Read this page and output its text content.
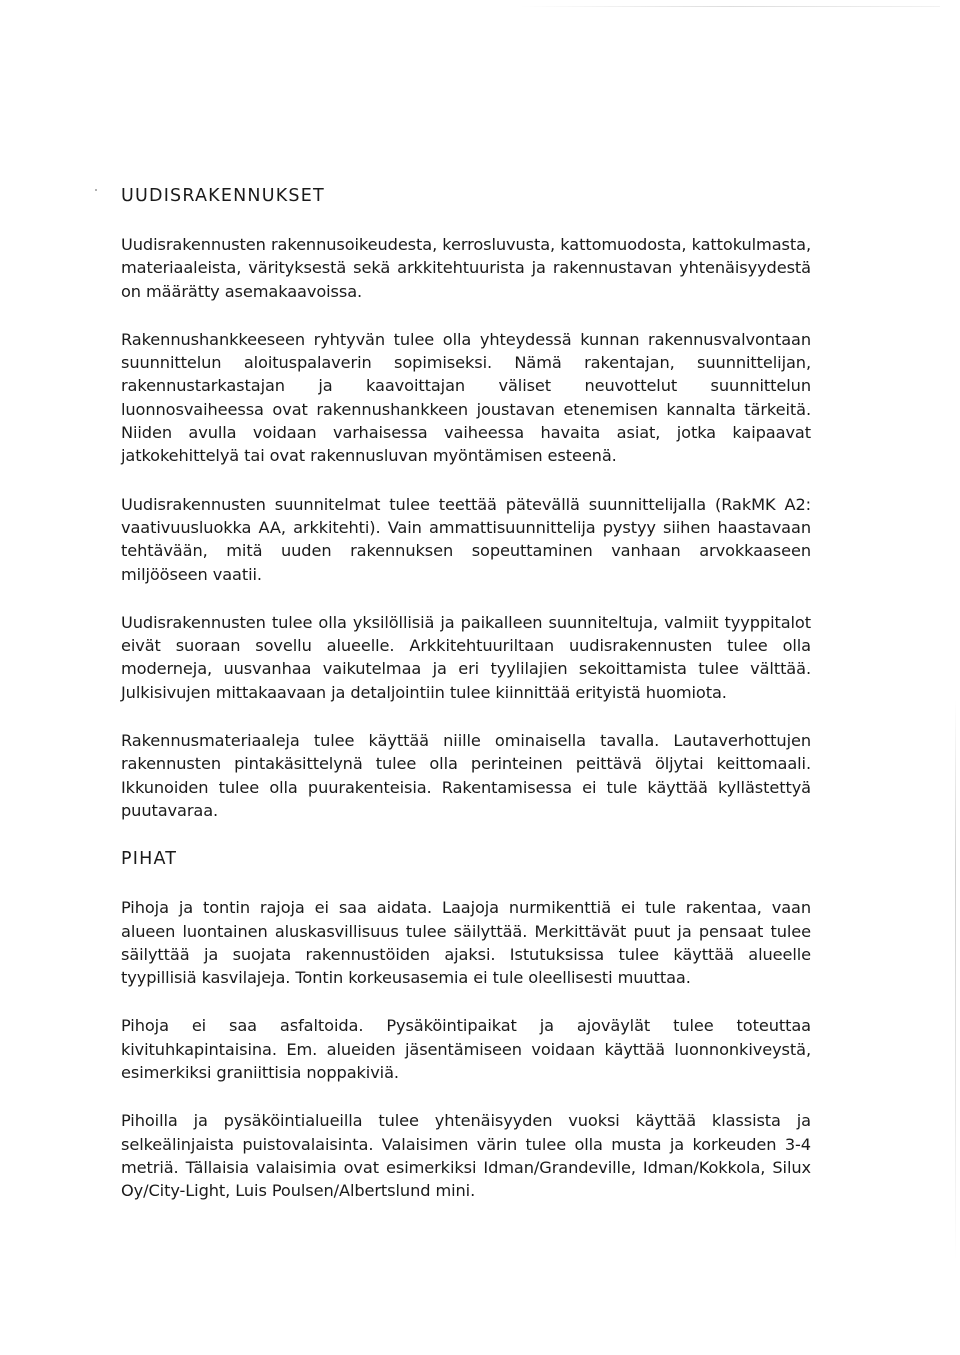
UUDISRAKENNUKSET

Uudisrakennusten rakennusoikeudesta, kerrosluvusta, kattomuodosta, kattokulmasta, materiaaleista, värityksestä sekä arkkitehtuurista ja rakennustavan yhtenäisyydestä on määrätty asemakaavoissa.

Rakennushankkeeseen ryhtyvän tulee olla yhteydessä kunnan rakennusvalvontaan suunnittelun aloituspalaverin sopimiseksi. Nämä rakentajan, suunnittelijan, rakennustarkastajan ja kaavoittajan väliset neuvottelut suunnittelun luonnosvaiheessa ovat rakennushankkeen joustavan etenemisen kannalta tärkeitä. Niiden avulla voidaan varhaisessa vaiheessa havaita asiat, jotka kaipaavat jatkokehittelyä tai ovat rakennusluvan myöntämisen esteenä.

Uudisrakennusten suunnitelmat tulee teettää pätevällä suunnittelijalla (RakMK A2: vaativuusluokka AA, arkkitehti). Vain ammattisuunnittelija pystyy siihen haastavaan tehtävään, mitä uuden rakennuksen sopeuttaminen vanhaan arvokkaaseen miljööseen vaatii.

Uudisrakennusten tulee olla yksilöllisiä ja paikalleen suunniteltuja, valmiit tyyppitalot eivät suoraan sovellu alueelle. Arkkitehtuuriltaan uudisrakennusten tulee olla moderneja, uusvanhaa vaikutelmaa ja eri tyylilajien sekoittamista tulee välttää. Julkisivujen mittakaavaan ja detaljointiin tulee kiinnittää erityistä huomiota.

Rakennusmateriaaleja tulee käyttää niille ominaisella tavalla. Lautaverhottujen rakennusten pintakäsittelynä tulee olla perinteinen peittävä öljytai keittomaali. Ikkunoiden tulee olla puurakenteisia. Rakentamisessa ei tule käyttää kyllästettyä puutavaraa.

PIHAT

Pihoja ja tontin rajoja ei saa aidata. Laajoja nurmikenttiä ei tule rakentaa, vaan alueen luontainen aluskasvillisuus tulee säilyttää. Merkittävät puut ja pensaat tulee säilyttää ja suojata rakennustöiden ajaksi. Istutuksissa tulee käyttää alueelle tyypillisiä kasvilajeja. Tontin korkeusasemia ei tule oleellisesti muuttaa.

Pihoja ei saa asfaltoida. Pysäköintipaikat ja ajoväylät tulee toteuttaa kivituhkapintaisina. Em. alueiden jäsentämiseen voidaan käyttää luonnonkiveystä, esimerkiksi graniittisia noppakiviä.

Pihoilla ja pysäköintialueilla tulee yhtenäisyyden vuoksi käyttää klassista ja selkeälinjaista puistovalaisinta. Valaisimen värin tulee olla musta ja korkeuden 3-4 metriä. Tällaisia valaisimia ovat esimerkiksi Idman/Grandeville, Idman/Kokkola, Silux Oy/City-Light, Luis Poulsen/Albertslund mini.
